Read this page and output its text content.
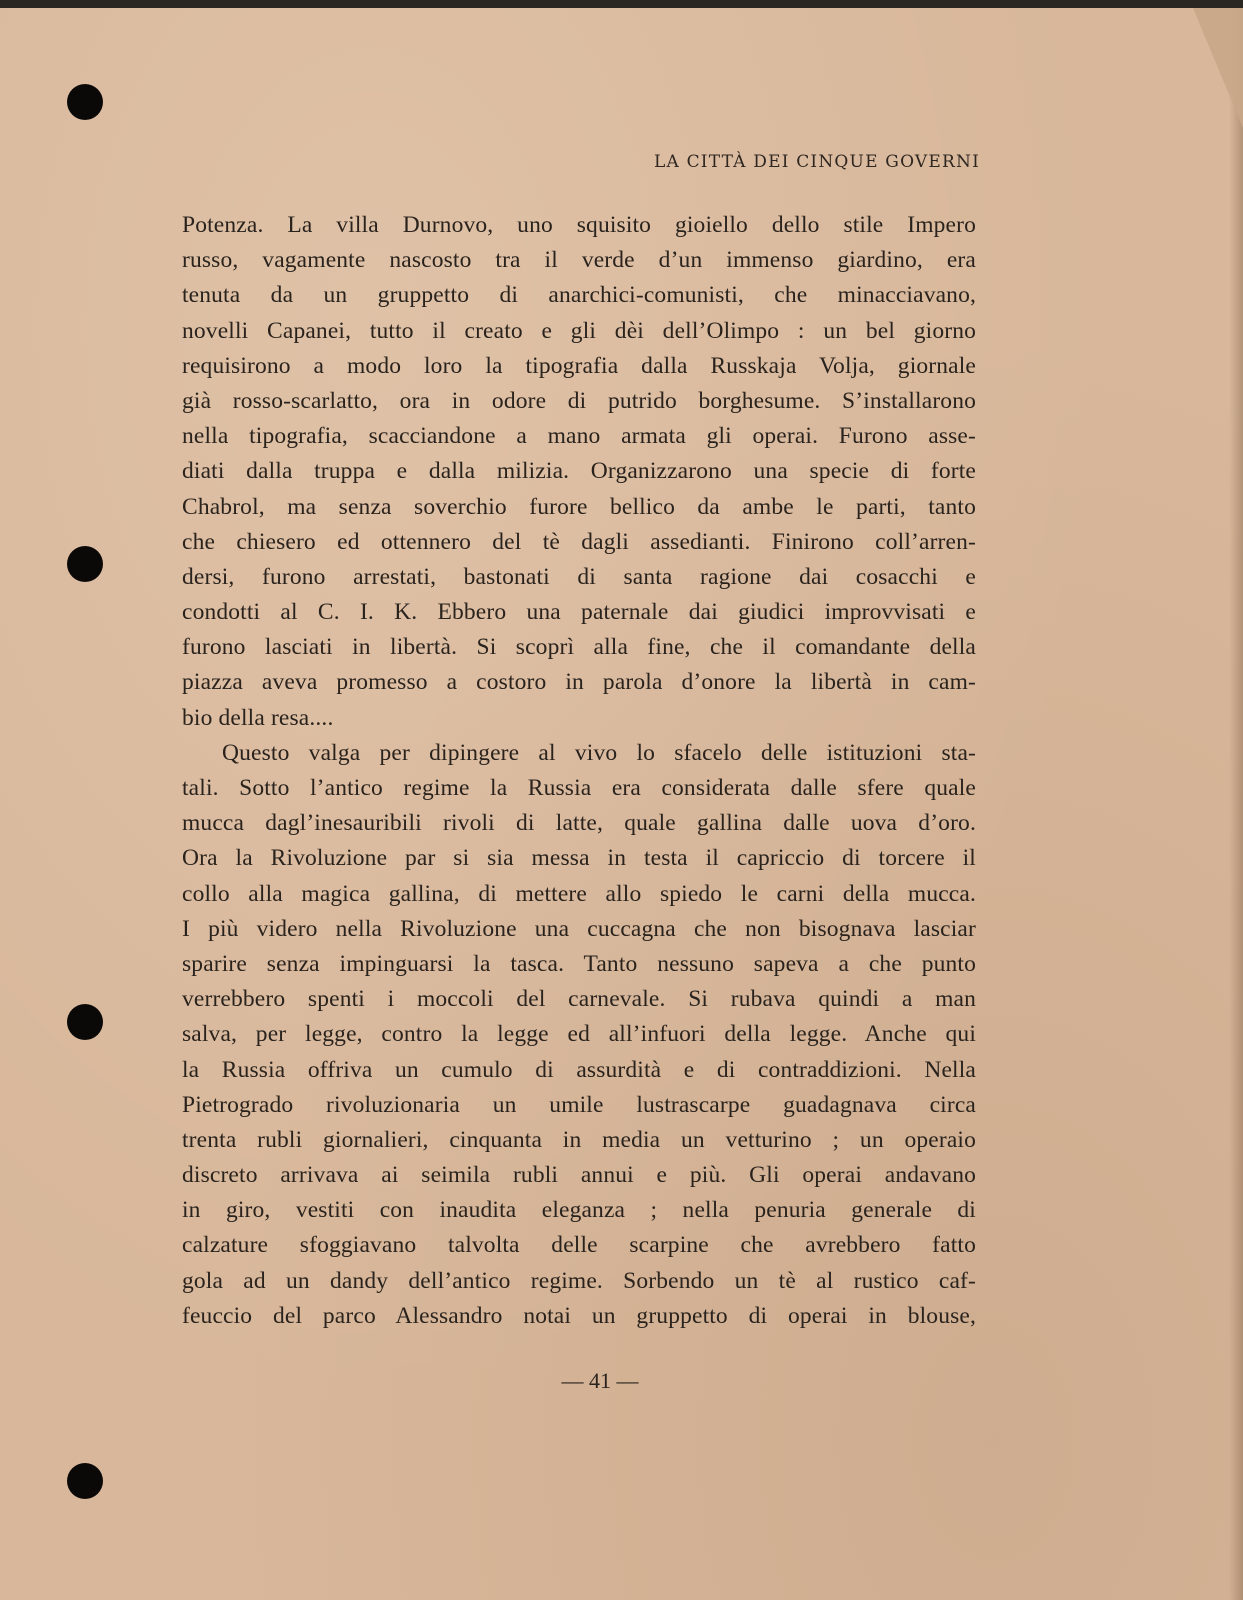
LA CITTÀ DEI CINQUE GOVERNI
Potenza. La villa Durnovo, uno squisito gioiello dello stile Impero
russo, vagamente nascosto tra il verde d’un immenso giardino, era
tenuta da un gruppetto di anarchici-comunisti, che minacciavano,
novelli Capanei, tutto il creato e gli dèi dell’Olimpo : un bel giorno
requisirono a modo loro la tipografia dalla Russkaja Volja, giornale
già rosso-scarlatto, ora in odore di putrido borghesume. S’installarono
nella tipografia, scacciandone a mano armata gli operai. Furono asse-
diati dalla truppa e dalla milizia. Organizzarono una specie di forte
Chabrol, ma senza soverchio furore bellico da ambe le parti, tanto
che chiesero ed ottennero del tè dagli assedianti. Finirono coll’arren-
dersi, furono arrestati, bastonati di santa ragione dai cosacchi e
condotti al C. I. K. Ebbero una paternale dai giudici improvvisati e
furono lasciati in libertà. Si scoprì alla fine, che il comandante della
piazza aveva promesso a costoro in parola d’onore la libertà in cam-
bio della resa....
Questo valga per dipingere al vivo lo sfacelo delle istituzioni sta-
tali. Sotto l’antico regime la Russia era considerata dalle sfere quale
mucca dagl’inesauribili rivoli di latte, quale gallina dalle uova d’oro.
Ora la Rivoluzione par si sia messa in testa il capriccio di torcere il
collo alla magica gallina, di mettere allo spiedo le carni della mucca.
I più videro nella Rivoluzione una cuccagna che non bisognava lasciar
sparire senza impinguarsi la tasca. Tanto nessuno sapeva a che punto
verrebbero spenti i moccoli del carnevale. Si rubava quindi a man
salva, per legge, contro la legge ed all’infuori della legge. Anche qui
la Russia offriva un cumulo di assurdità e di contraddizioni. Nella
Pietrogrado rivoluzionaria un umile lustrascarpe guadagnava circa
trenta rubli giornalieri, cinquanta in media un vetturino ; un operaio
discreto arrivava ai seimila rubli annui e più. Gli operai andavano
in giro, vestiti con inaudita eleganza ; nella penuria generale di
calzature sfoggiavano talvolta delle scarpine che avrebbero fatto
gola ad un dandy dell’antico regime. Sorbendo un tè al rustico caf-
feuccio del parco Alessandro notai un gruppetto di operai in blouse,
— 41 —
